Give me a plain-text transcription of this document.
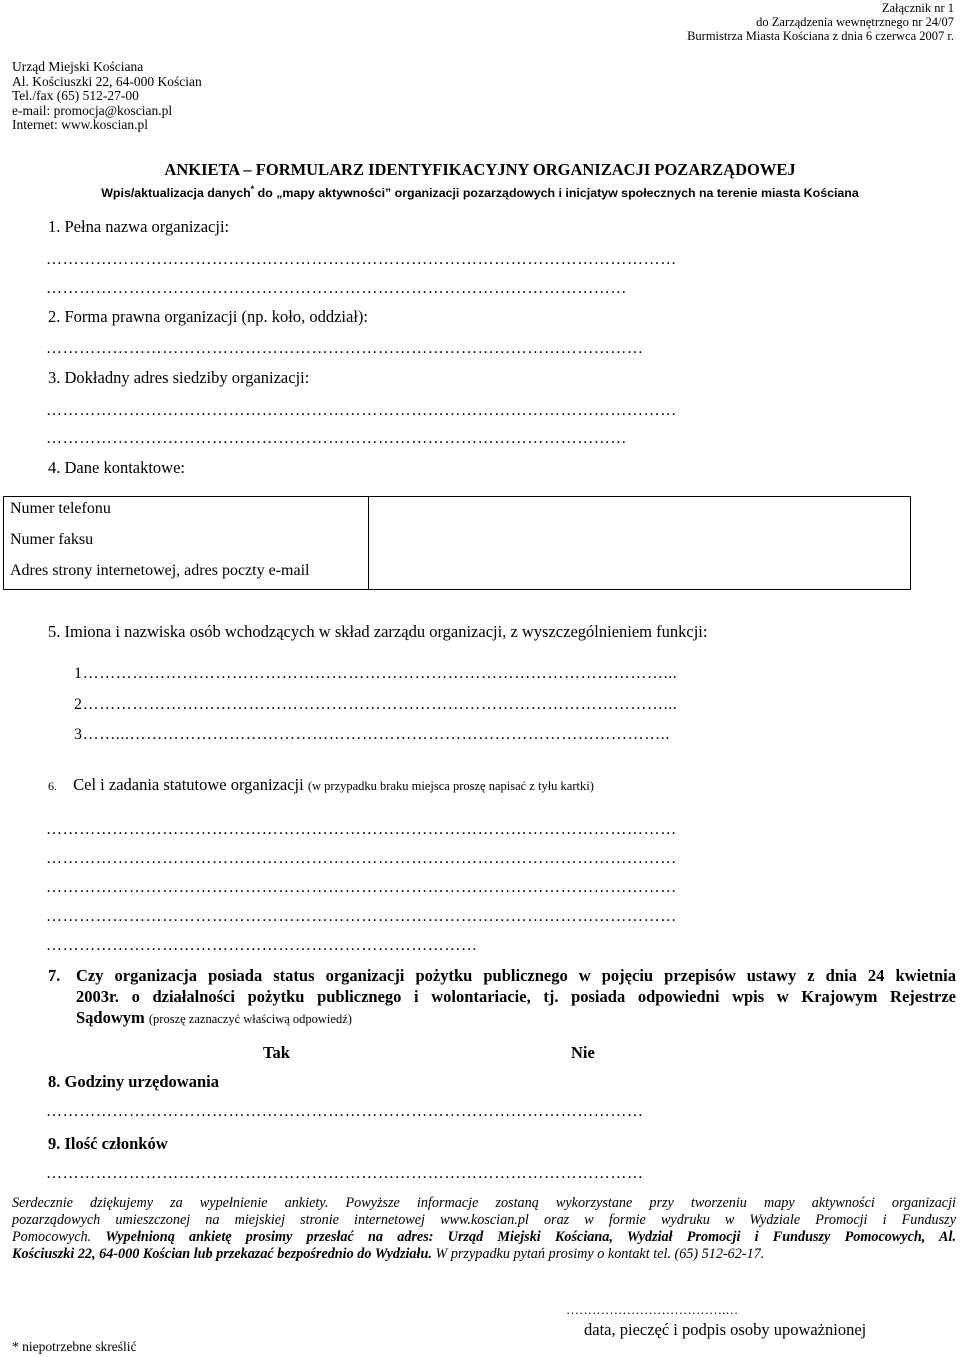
Załącznik nr 1
do Zarządzenia wewnętrznego nr 24/07
Burmistrza Miasta Kościana z dnia 6 czerwca 2007 r.
Urząd Miejski Kościana
Al. Kościuszki 22, 64-000 Kościan
Tel./fax (65) 512-27-00
e-mail: promocja@koscian.pl
Internet: www.koscian.pl
ANKIETA – FORMULARZ IDENTYFIKACYJNY ORGANIZACJI POZARZĄDOWEJ
Wpis/aktualizacja danych* do „mapy aktywności” organizacji pozarządowych i inicjatyw społecznych na terenie miasta Kościana
1. Pełna nazwa organizacji:
……………………………………………………………………………………………………
……………………………………………………………………………………………
2. Forma prawna organizacji (np. koło, oddział):
………………………………………………………………………………………………
3. Dokładny adres siedziby organizacji:
……………………………………………………………………………………………………
……………………………………………………………………………………………
4. Dane kontaktowe:
Numer telefonu
Numer faksu
Adres strony internetowej, adres poczty e-mail
5. Imiona i nazwiska osób wchodzących w skład zarządu organizacji, z wyszczególnieniem funkcji:
1……………………………………………………………………………………………...
2……………………………………………………………………………………………...
3……...……………………………………………………………………………………..
6. Cel i zadania statutowe organizacji (w przypadku braku miejsca proszę napisać z tyłu kartki)
……………………………………………………………………………………………………
……………………………………………………………………………………………………
……………………………………………………………………………………………………
……………………………………………………………………………………………………
……………………………………………………………………
7. Czy organizacja posiada status organizacji pożytku publicznego w pojęciu przepisów ustawy z dnia 24 kwietnia
2003r. o działalności pożytku publicznego i wolontariacie, tj. posiada odpowiedni wpis w Krajowym Rejestrze
Sądowym (proszę zaznaczyć właściwą odpowiedź)
Tak	Nie
8. Godziny urzędowania
………………………………………………………………………………………………
9. Ilość członków
………………………………………………………………………………………………
Serdecznie dziękujemy za wypełnienie ankiety. Powyższe informacje zostaną wykorzystane przy tworzeniu mapy aktywności organizacji
pozarządowych umieszczonej na miejskiej stronie internetowej www.koscian.pl oraz w formie wydruku w Wydziale Promocji i Funduszy
Pomocowych. Wypełnioną ankietę prosimy przesłać na adres: Urząd Miejski Kościana, Wydział Promocji i Funduszy Pomocowych, Al.
Kościuszki 22, 64-000 Kościan lub przekazać bezpośrednio do Wydziału. W przypadku pytań prosimy o kontakt tel. (65) 512-62-17.
……………………………….…
data, pieczęć i podpis osoby upoważnionej
* niepotrzebne skreślić
